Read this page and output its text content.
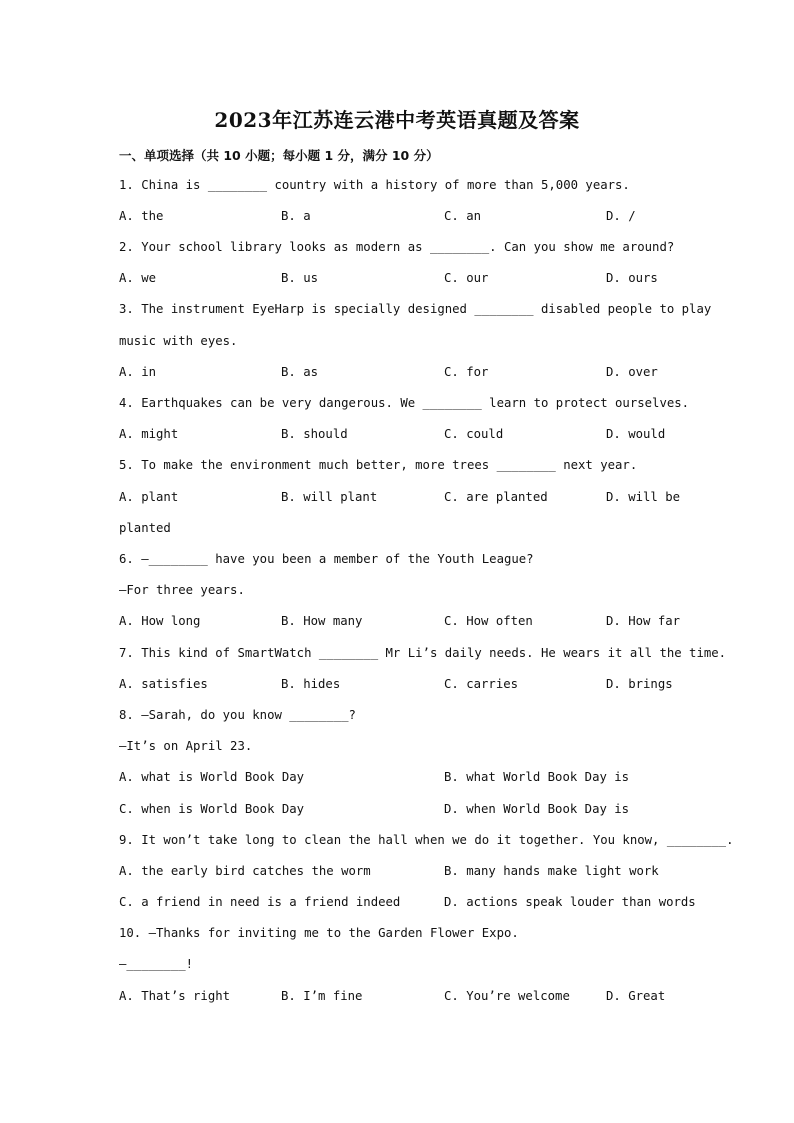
2023年江苏连云港中考英语真题及答案
一、单项选择（共 10 小题；每小题 1 分，满分 10 分）
1. China is ________ country with a history of more than 5,000 years.
A. the	B. a	C. an	D. /
2. Your school library looks as modern as ________. Can you show me around?
A. we	B. us	C. our	D. ours
3. The instrument EyeHarp is specially designed ________ disabled people to play
music with eyes.
A. in	B. as	C. for	D. over
4. Earthquakes can be very dangerous. We ________ learn to protect ourselves.
A. might	B. should	C. could	D. would
5. To make the environment much better, more trees ________ next year.
A. plant	B. will plant	C. are planted	D. will be
planted
6. —________ have you been a member of the Youth League?
—For three years.
A. How long	B. How many	C. How often	D. How far
7. This kind of SmartWatch ________ Mr Li’s daily needs. He wears it all the time.
A. satisfies	B. hides	C. carries	D. brings
8. —Sarah, do you know ________?
—It’s on April 23.
A. what is World Book Day	B. what World Book Day is
C. when is World Book Day	D. when World Book Day is
9. It won’t take long to clean the hall when we do it together. You know, ________.
A. the early bird catches the worm	B. many hands make light work
C. a friend in need is a friend indeed	D. actions speak louder than words
10. —Thanks for inviting me to the Garden Flower Expo.
—________!
A. That’s right	B. I’m fine	C. You’re welcome	D. Great
